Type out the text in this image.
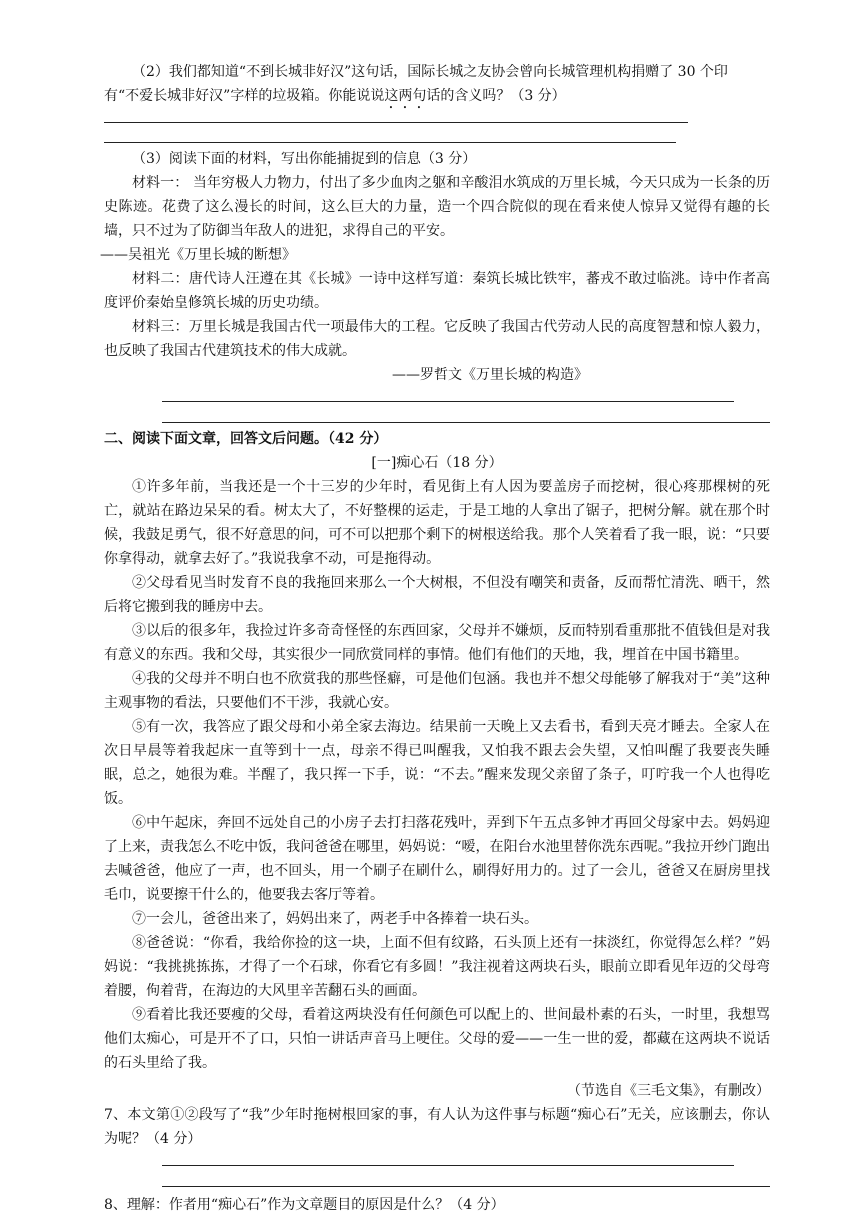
（2）我们都知道“不到长城非好汉”这句话，国际长城之友协会曾向长城管理机构捐赠了 30 个印

有“不爱长城非好汉”字样的垃圾箱。你能说说这两句话的含义吗？（3 分）

（3）阅读下面的材料，写出你能捕捉到的信息（3 分）

材料一： 当年穷极人力物力，付出了多少血肉之躯和辛酸泪水筑成的万里长城，今天只成为一长条的历史陈迹。花费了这么漫长的时间，这么巨大的力量，造一个四合院似的现在看来使人惊异又觉得有趣的长墙，只不过为了防御当年敌人的进犯，求得自己的平安。

——吴祖光《万里长城的断想》

材料二：唐代诗人汪遵在其《长城》一诗中这样写道：秦筑长城比铁牢，蕃戎不敢过临洮。诗中作者高度评价秦始皇修筑长城的历史功绩。

材料三：万里长城是我国古代一项最伟大的工程。它反映了我国古代劳动人民的高度智慧和惊人毅力，也反映了我国古代建筑技术的伟大成就。

——罗哲文《万里长城的构造》

二、阅读下面文章，回答文后问题。（42 分）

[一]痴心石（18 分）

①许多年前，当我还是一个十三岁的少年时，看见街上有人因为要盖房子而挖树，很心疼那棵树的死亡，就站在路边呆呆的看。树太大了，不好整棵的运走，于是工地的人拿出了锯子，把树分解。就在那个时候，我鼓足勇气，很不好意思的问，可不可以把那个剩下的树根送给我。那个人笑着看了我一眼，说：“只要你拿得动，就拿去好了。”我说我拿不动，可是拖得动。

②父母看见当时发育不良的我拖回来那么一个大树根，不但没有嘲笑和责备，反而帮忙清洗、晒干，然后将它搬到我的睡房中去。

③以后的很多年，我捡过许多奇奇怪怪的东西回家，父母并不嫌烦，反而特别看重那批不值钱但是对我有意义的东西。我和父母，其实很少一同欣赏同样的事情。他们有他们的天地，我，埋首在中国书籍里。

④我的父母并不明白也不欣赏我的那些怪癖，可是他们包涵。我也并不想父母能够了解我对于“美”这种主观事物的看法，只要他们不干涉，我就心安。

⑤有一次，我答应了跟父母和小弟全家去海边。结果前一天晚上又去看书，看到天亮才睡去。全家人在次日早晨等着我起床一直等到十一点，母亲不得已叫醒我，又怕我不跟去会失望，又怕叫醒了我要丧失睡眠，总之，她很为难。半醒了，我只挥一下手，说：“不去。”醒来发现父亲留了条子，叮咛我一个人也得吃饭。

⑥中午起床，奔回不远处自己的小房子去打扫落花残叶，弄到下午五点多钟才再回父母家中去。妈妈迎了上来，责我怎么不吃中饭，我问爸爸在哪里，妈妈说：“嗳，在阳台水池里替你洗东西呢。”我拉开纱门跑出去喊爸爸，他应了一声，也不回头，用一个刷子在刷什么，刷得好用力的。过了一会儿，爸爸又在厨房里找毛巾，说要擦干什么的，他要我去客厅等着。

⑦一会儿，爸爸出来了，妈妈出来了，两老手中各捧着一块石头。

⑧爸爸说：“你看，我给你捡的这一块，上面不但有纹路，石头顶上还有一抹淡红，你觉得怎么样？”妈妈说：“我挑挑拣拣，才得了一个石球，你看它有多圆！”我注视着这两块石头，眼前立即看见年迈的父母弯着腰，佝着背，在海边的大风里辛苦翻石头的画面。

⑨看着比我还要瘦的父母，看着这两块没有任何颜色可以配上的、世间最朴素的石头，一时里，我想骂他们太痴心，可是开不了口，只怕一讲话声音马上哽住。父母的爱——一生一世的爱，都藏在这两块不说话的石头里给了我。

（节选自《三毛文集》，有删改）

7、本文第①②段写了“我”少年时拖树根回家的事，有人认为这件事与标题“痴心石”无关，应该删去，你认为呢？（4 分）

8、理解：作者用“痴心石”作为文章题目的原因是什么？（4 分）
